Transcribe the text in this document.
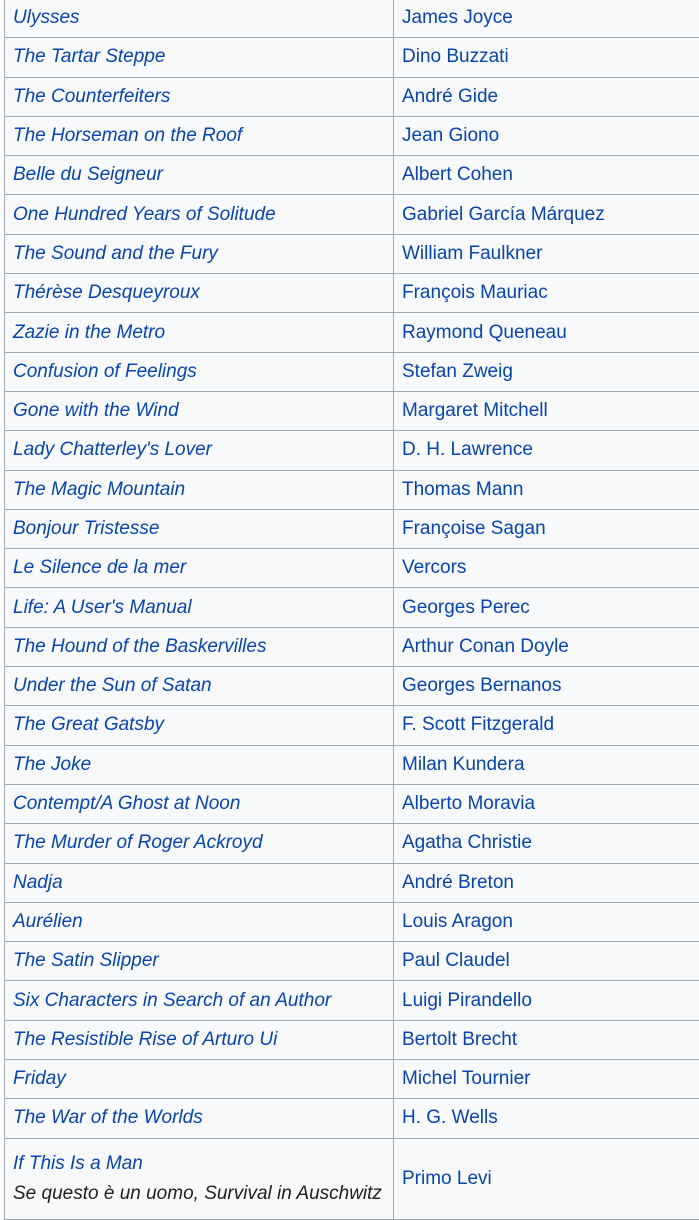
Ulysses	James Joyce
The Tartar Steppe	Dino Buzzati
The Counterfeiters	André Gide
The Horseman on the Roof	Jean Giono
Belle du Seigneur	Albert Cohen
One Hundred Years of Solitude	Gabriel García Márquez
The Sound and the Fury	William Faulkner
Thérèse Desqueyroux	François Mauriac
Zazie in the Metro	Raymond Queneau
Confusion of Feelings	Stefan Zweig
Gone with the Wind	Margaret Mitchell
Lady Chatterley's Lover	D. H. Lawrence
The Magic Mountain	Thomas Mann
Bonjour Tristesse	Françoise Sagan
Le Silence de la mer	Vercors
Life: A User's Manual	Georges Perec
The Hound of the Baskervilles	Arthur Conan Doyle
Under the Sun of Satan	Georges Bernanos
The Great Gatsby	F. Scott Fitzgerald
The Joke	Milan Kundera
Contempt/A Ghost at Noon	Alberto Moravia
The Murder of Roger Ackroyd	Agatha Christie
Nadja	André Breton
Aurélien	Louis Aragon
The Satin Slipper	Paul Claudel
Six Characters in Search of an Author	Luigi Pirandello
The Resistible Rise of Arturo Ui	Bertolt Brecht
Friday	Michel Tournier
The War of the Worlds	H. G. Wells

If This Is a Man
Se questo è un uomo, Survival in Auschwitz	Primo Levi
